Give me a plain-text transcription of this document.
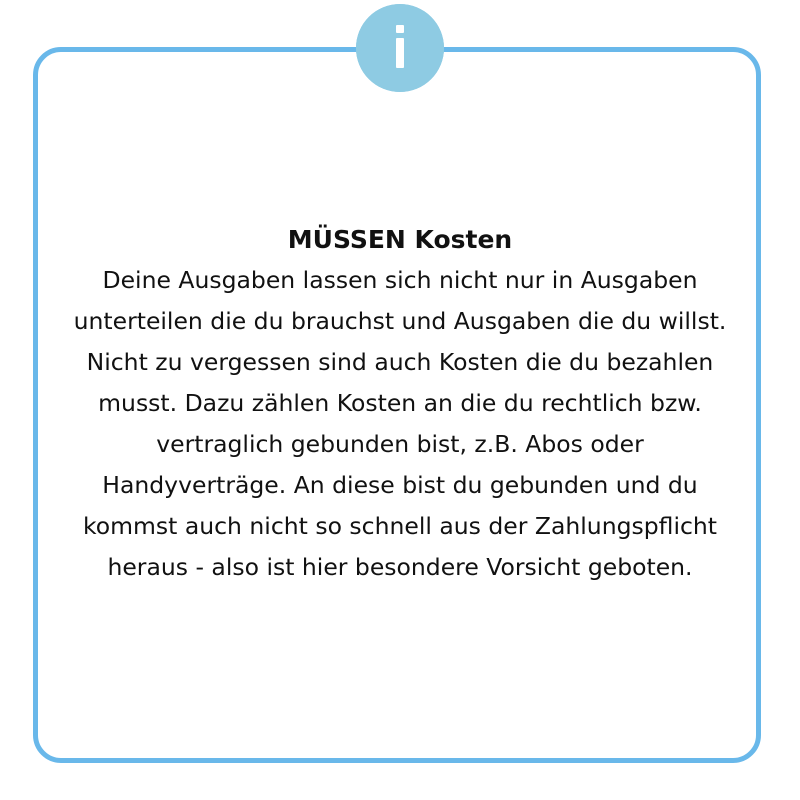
MÜSSEN Kosten

Deine Ausgaben lassen sich nicht nur in Ausgaben

unterteilen die du brauchst und Ausgaben die du willst.

Nicht zu vergessen sind auch Kosten die du bezahlen

musst. Dazu zählen Kosten an die du rechtlich bzw.

vertraglich gebunden bist, z.B. Abos oder

Handyverträge. An diese bist du gebunden und du

kommst auch nicht so schnell aus der Zahlungspflicht

heraus - also ist hier besondere Vorsicht geboten.
